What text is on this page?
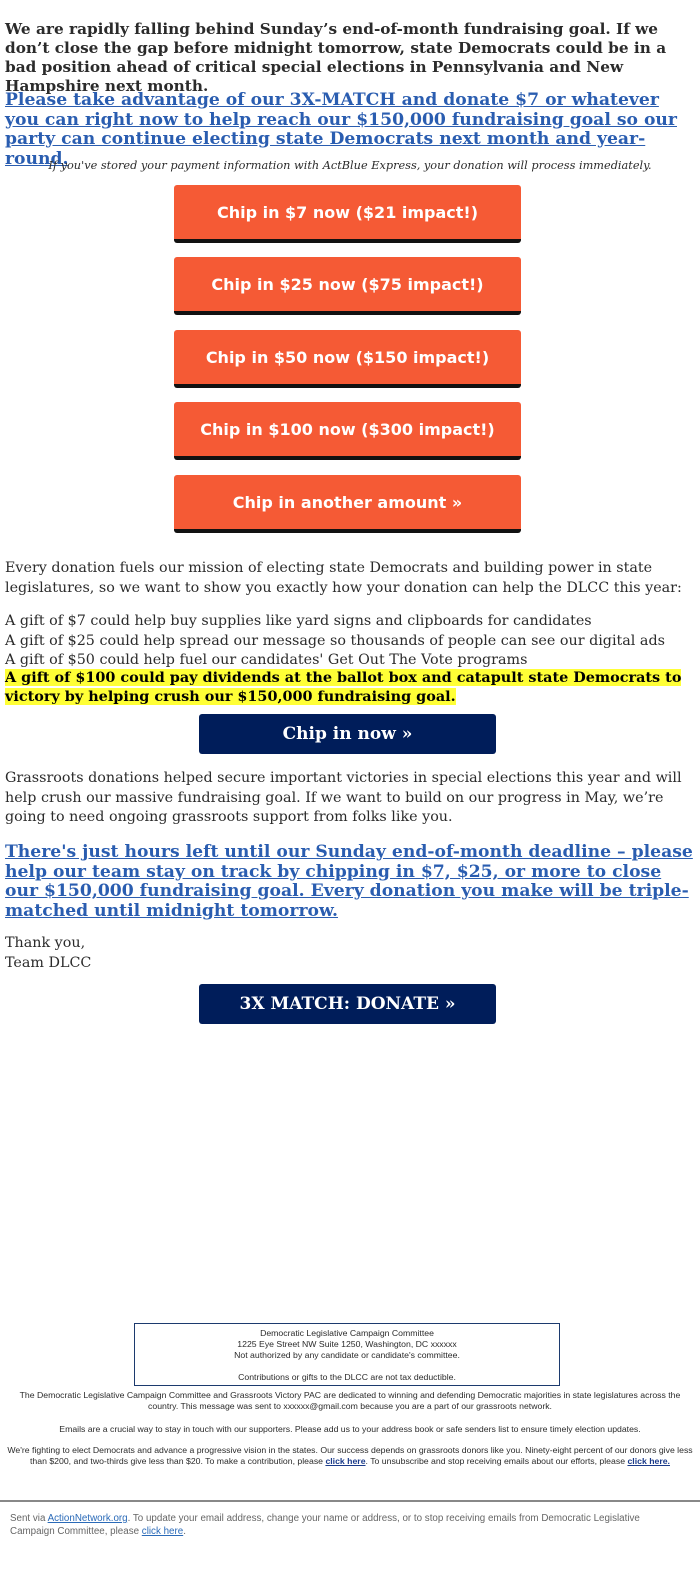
We are rapidly falling behind Sunday’s end-of-month fundraising goal. If we don’t close the gap before midnight tomorrow, state Democrats could be in a bad position ahead of critical special elections in Pennsylvania and New Hampshire next month.
Please take advantage of our 3X-MATCH and donate $7 or whatever you can right now to help reach our $150,000 fundraising goal so our party can continue electing state Democrats next month and year-round.
If you've stored your payment information with ActBlue Express, your donation will process immediately.
Chip in $7 now ($21 impact!)
Chip in $25 now ($75 impact!)
Chip in $50 now ($150 impact!)
Chip in $100 now ($300 impact!)
Chip in another amount »
Every donation fuels our mission of electing state Democrats and building power in state legislatures, so we want to show you exactly how your donation can help the DLCC this year:
A gift of $7 could help buy supplies like yard signs and clipboards for candidates
A gift of $25 could help spread our message so thousands of people can see our digital ads
A gift of $50 could help fuel our candidates' Get Out The Vote programs
A gift of $100 could pay dividends at the ballot box and catapult state Democrats to
victory by helping crush our $150,000 fundraising goal.
Chip in now »
Grassroots donations helped secure important victories in special elections this year and will help crush our massive fundraising goal. If we want to build on our progress in May, we’re going to need ongoing grassroots support from folks like you.
There's just hours left until our Sunday end-of-month deadline – please help our team stay on track by chipping in $7, $25, or more to close our $150,000 fundraising goal. Every donation you make will be triple-matched until midnight tomorrow.
Thank you,
Team DLCC
3X MATCH: DONATE »
Democratic Legislative Campaign Committee
1225 Eye Street NW Suite 1250, Washington, DC xxxxxx
Not authorized by any candidate or candidate's committee.
Contributions or gifts to the DLCC are not tax deductible.
The Democratic Legislative Campaign Committee and Grassroots Victory PAC are dedicated to winning and defending Democratic majorities in state legislatures across the country. This message was sent to xxxxxx@gmail.com because you are a part of our grassroots network.
Emails are a crucial way to stay in touch with our supporters. Please add us to your address book or safe senders list to ensure timely election updates.
We're fighting to elect Democrats and advance a progressive vision in the states. Our success depends on grassroots donors like you. Ninety-eight percent of our donors give less than $200, and two-thirds give less than $20. To make a contribution, please click here. To unsubscribe and stop receiving emails about our efforts, please click here.
Sent via ActionNetwork.org. To update your email address, change your name or address, or to stop receiving emails from Democratic Legislative Campaign Committee, please click here.
